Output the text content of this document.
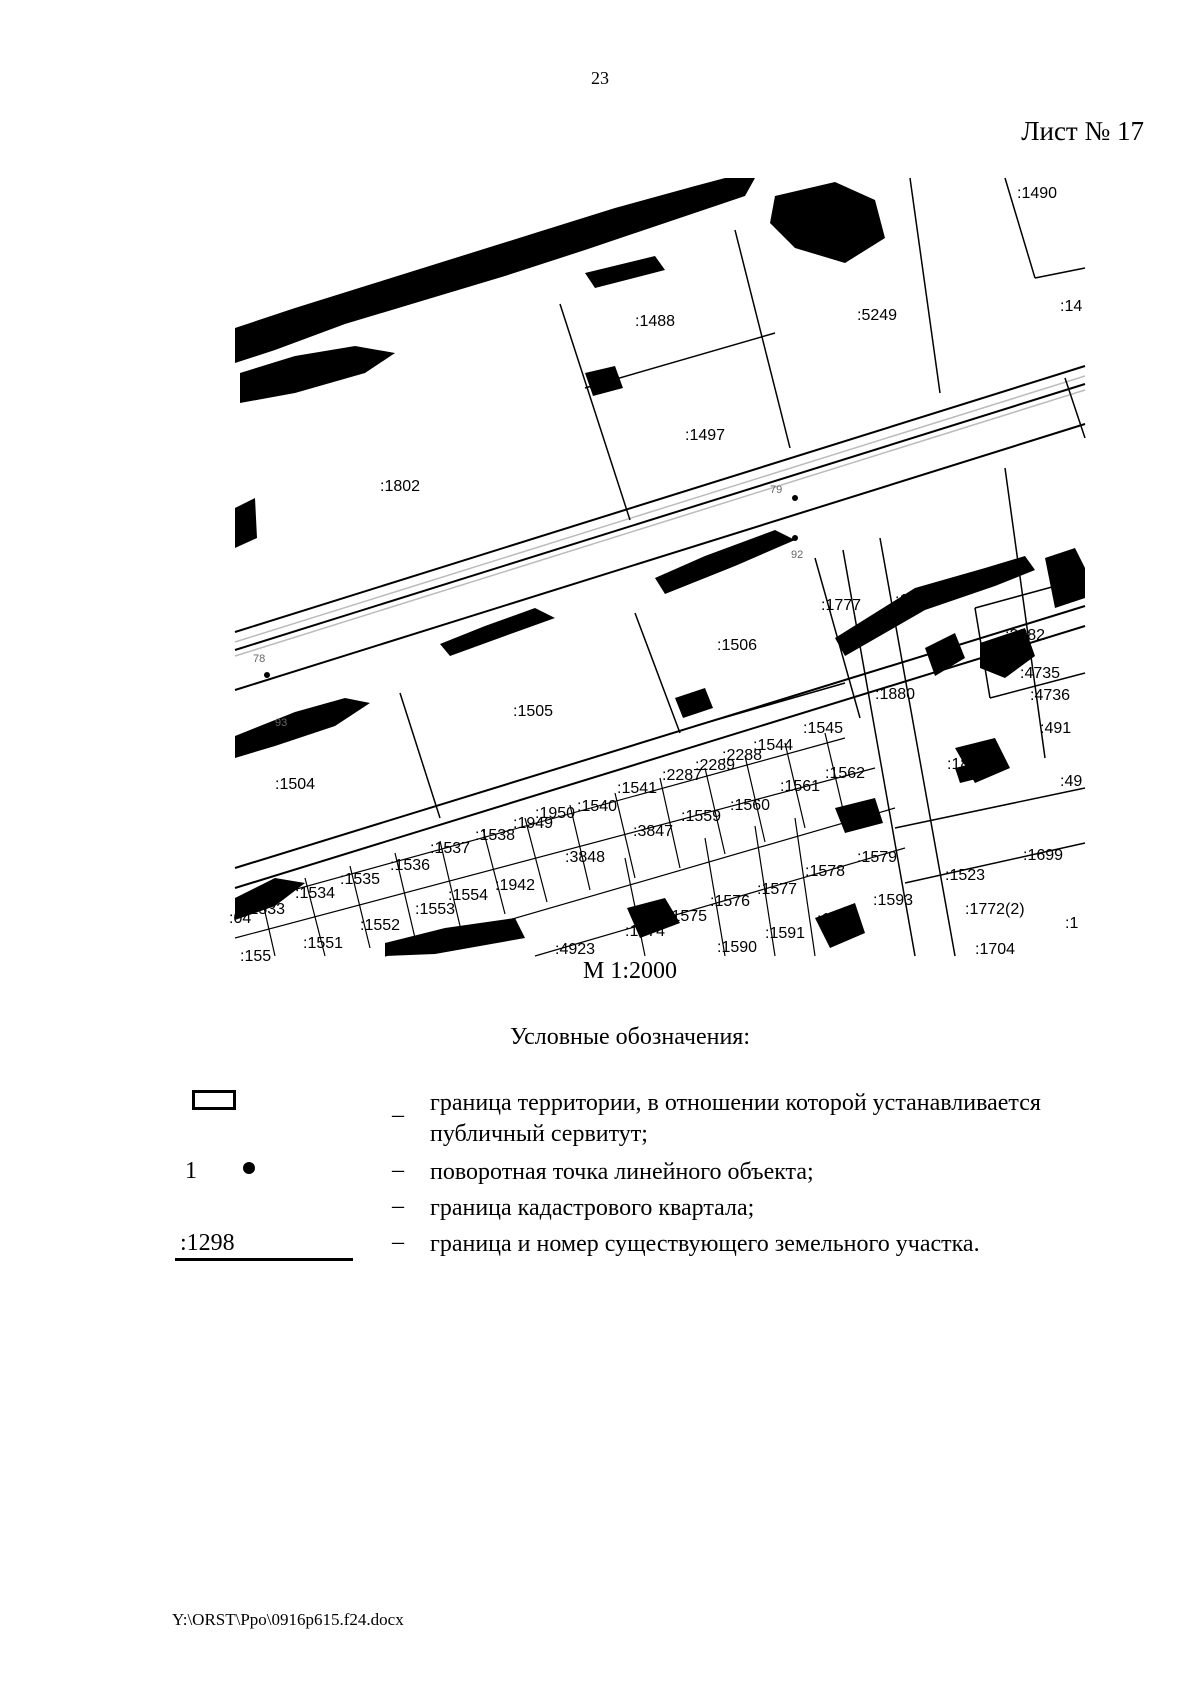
23
Лист № 17
:1490
:14
:1488	:5249
:1497
:1802
:1777 :1507
:1506
:2882
:4735
:4736
:1880
:1505
:491
:1545
:1544
:2288
:2289
:2287
:1879
:49
:1504	:1541
:1562
:1540
:1561
:1950	:1560
:1949	:1559	:1771
:1538	:3847
:1537
:3848	:1579	:1699
:1536	:1578	:1523
:1535	:1942
:1534	:1554	:1577
:1576	:1593
:1772(2)
:1533	:1553	:1575	:1592
:1552	:1574	:1591
:1551	:1590
:4923	:1704
:04
:155
:1
79
92
78
93
М 1:2000
Условные обозначения:
– граница территории, в отношении которой устанавливается публичный сервитут;
1	– поворотная точка линейного объекта;
– граница кадастрового квартала;
:1298	– граница и номер существующего земельного участка.
Y:\ORST\Ppo\0916p615.f24.docx
